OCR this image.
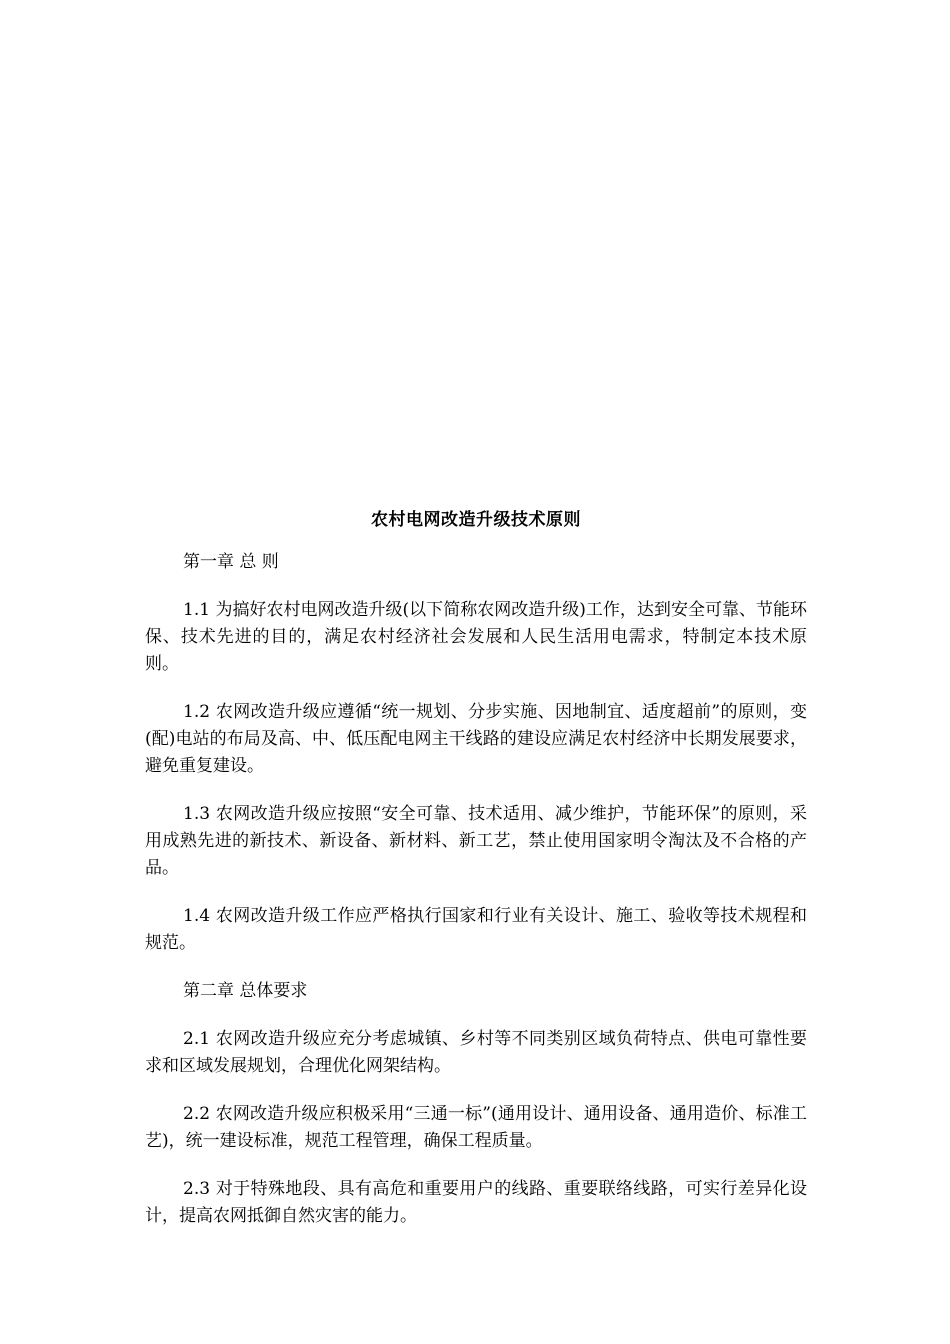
农村电网改造升级技术原则

第一章 总 则

1.1 为搞好农村电网改造升级(以下简称农网改造升级)工作，达到安全可靠、节能环保、技术先进的目的，满足农村经济社会发展和人民生活用电需求，特制定本技术原则。

1.2 农网改造升级应遵循“统一规划、分步实施、因地制宜、适度超前”的原则，变(配)电站的布局及高、中、低压配电网主干线路的建设应满足农村经济中长期发展要求，避免重复建设。

1.3 农网改造升级应按照“安全可靠、技术适用、减少维护，节能环保”的原则，采用成熟先进的新技术、新设备、新材料、新工艺，禁止使用国家明令淘汰及不合格的产品。

1.4 农网改造升级工作应严格执行国家和行业有关设计、施工、验收等技术规程和规范。

第二章 总体要求

2.1 农网改造升级应充分考虑城镇、乡村等不同类别区域负荷特点、供电可靠性要求和区域发展规划，合理优化网架结构。

2.2 农网改造升级应积极采用“三通一标”(通用设计、通用设备、通用造价、标准工艺)，统一建设标准，规范工程管理，确保工程质量。

2.3 对于特殊地段、具有高危和重要用户的线路、重要联络线路，可实行差异化设计，提高农网抵御自然灾害的能力。
